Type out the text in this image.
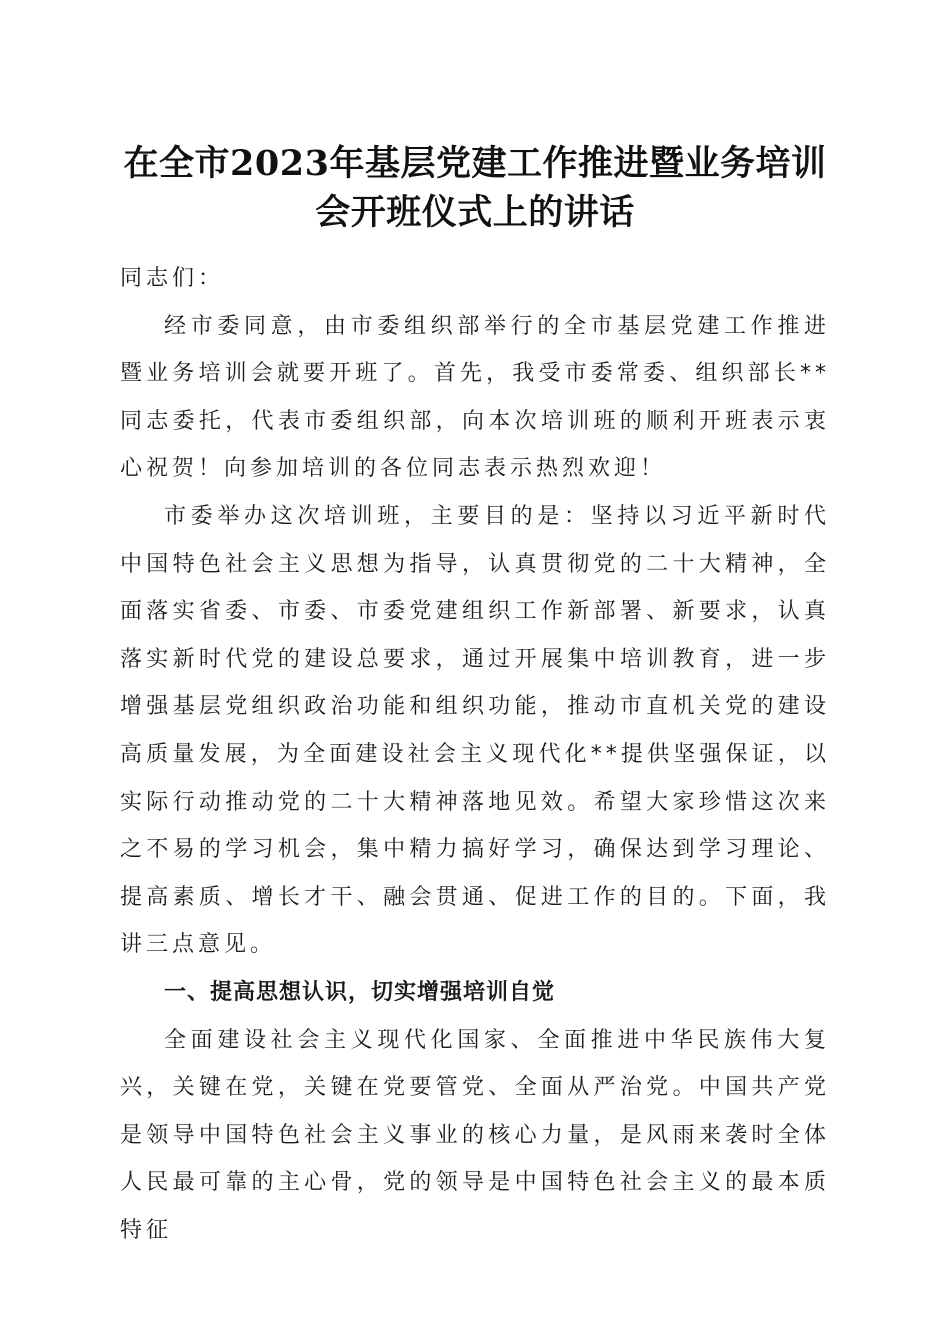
在全市2023年基层党建工作推进暨业务培训
会开班仪式上的讲话

同志们：

经市委同意，由市委组织部举行的全市基层党建工作推进暨业务培训会就要开班了。首先，我受市委常委、组织部长**同志委托，代表市委组织部，向本次培训班的顺利开班表示衷心祝贺！向参加培训的各位同志表示热烈欢迎！

市委举办这次培训班，主要目的是：坚持以习近平新时代中国特色社会主义思想为指导，认真贯彻党的二十大精神，全面落实省委、市委、市委党建组织工作新部署、新要求，认真落实新时代党的建设总要求，通过开展集中培训教育，进一步增强基层党组织政治功能和组织功能，推动市直机关党的建设高质量发展，为全面建设社会主义现代化**提供坚强保证，以实际行动推动党的二十大精神落地见效。希望大家珍惜这次来之不易的学习机会，集中精力搞好学习，确保达到学习理论、提高素质、增长才干、融会贯通、促进工作的目的。下面，我讲三点意见。

一、提高思想认识，切实增强培训自觉

全面建设社会主义现代化国家、全面推进中华民族伟大复兴，关键在党，关键在党要管党、全面从严治党。中国共产党是领导中国特色社会主义事业的核心力量，是风雨来袭时全体人民最可靠的主心骨，党的领导是中国特色社会主义的最本质特征
